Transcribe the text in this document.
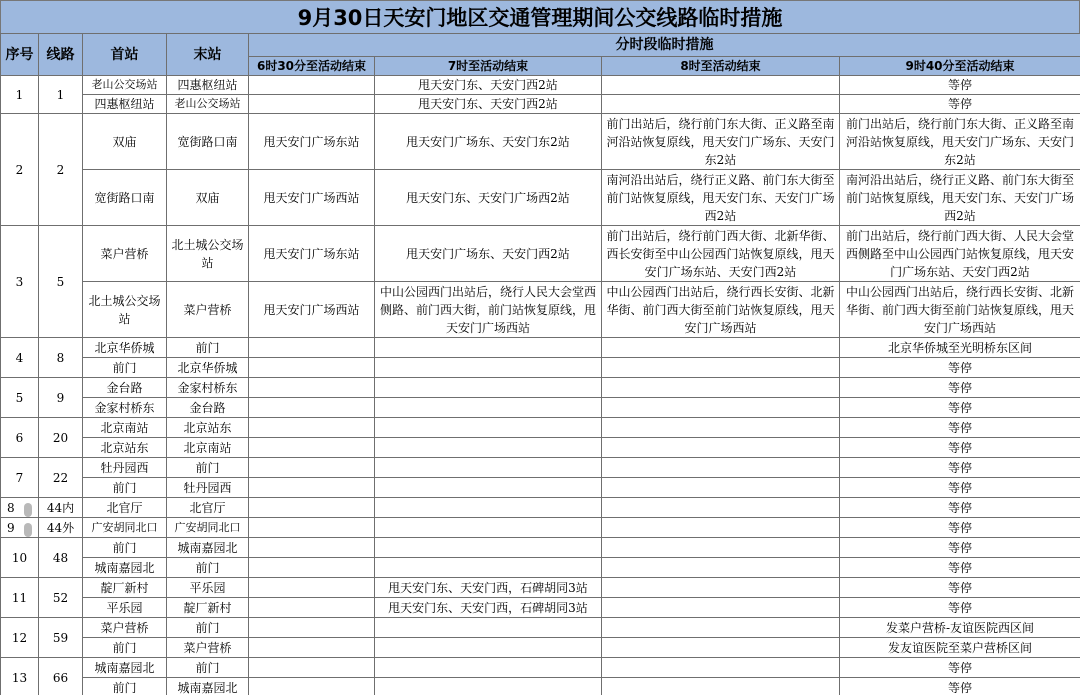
9月30日天安门地区交通管理期间公交线路临时措施
序号	线路	首站	末站	分时段临时措施			
				6时30分至活动结束	7时至活动结束	8时至活动结束	9时40分至活动结束
1	1	老山公交场站	四惠枢纽站		甩天安门东、天安门西2站		等停
		四惠枢纽站	老山公交场站		甩天安门东、天安门西2站		等停
2	2	双庙	宽街路口南	甩天安门广场东站	甩天安门广场东、天安门东2站	前门出站后，绕行前门东大街、正义路至南河沿站恢复原线，甩天安门广场东、天安门东2站	前门出站后，绕行前门东大街、正义路至南河沿站恢复原线，甩天安门广场东、天安门东2站
		宽街路口南	双庙	甩天安门广场西站	甩天安门东、天安门广场西2站	南河沿出站后，绕行正义路、前门东大街至前门站恢复原线，甩天安门东、天安门广场西2站	南河沿出站后，绕行正义路、前门东大街至前门站恢复原线，甩天安门东、天安门广场西2站
3	5	菜户营桥	北土城公交场站	甩天安门广场东站	甩天安门广场东、天安门西2站	前门出站后，绕行前门西大街、北新华街、西长安街至中山公园西门站恢复原线，甩天安门广场东站、天安门西2站	前门出站后，绕行前门西大街、人民大会堂西侧路至中山公园西门站恢复原线，甩天安门广场东站、天安门西2站
		北土城公交场站	菜户营桥	甩天安门广场西站	中山公园西门出站后，绕行人民大会堂西侧路、前门西大街，前门站恢复原线，甩天安门广场西站	中山公园西门出站后，绕行西长安街、北新华街、前门西大街至前门站恢复原线，甩天安门广场西站	中山公园西门出站后，绕行西长安街、北新华街、前门西大街至前门站恢复原线，甩天安门广场西站
4	8	北京华侨城	前门				北京华侨城至光明桥东区间
		前门	北京华侨城				等停
5	9	金台路	金家村桥东				等停
		金家村桥东	金台路				等停
6	20	北京南站	北京站东				等停
		北京站东	北京南站				等停
7	22	牡丹园西	前门				等停
		前门	牡丹园西				等停
8	44内	北官厅	北官厅				等停
9	44外	广安胡同北口	广安胡同北口				等停
10	48	前门	城南嘉园北				等停
		城南嘉园北	前门				等停
11	52	靛厂新村	平乐园		甩天安门东、天安门西，石碑胡同3站		等停
		平乐园	靛厂新村		甩天安门东、天安门西，石碑胡同3站		等停
12	59	菜户营桥	前门				发菜户营桥-友谊医院西区间
		前门	菜户营桥				发友谊医院至菜户营桥区间
13	66	城南嘉园北	前门				等停
		前门	城南嘉园北				等停
